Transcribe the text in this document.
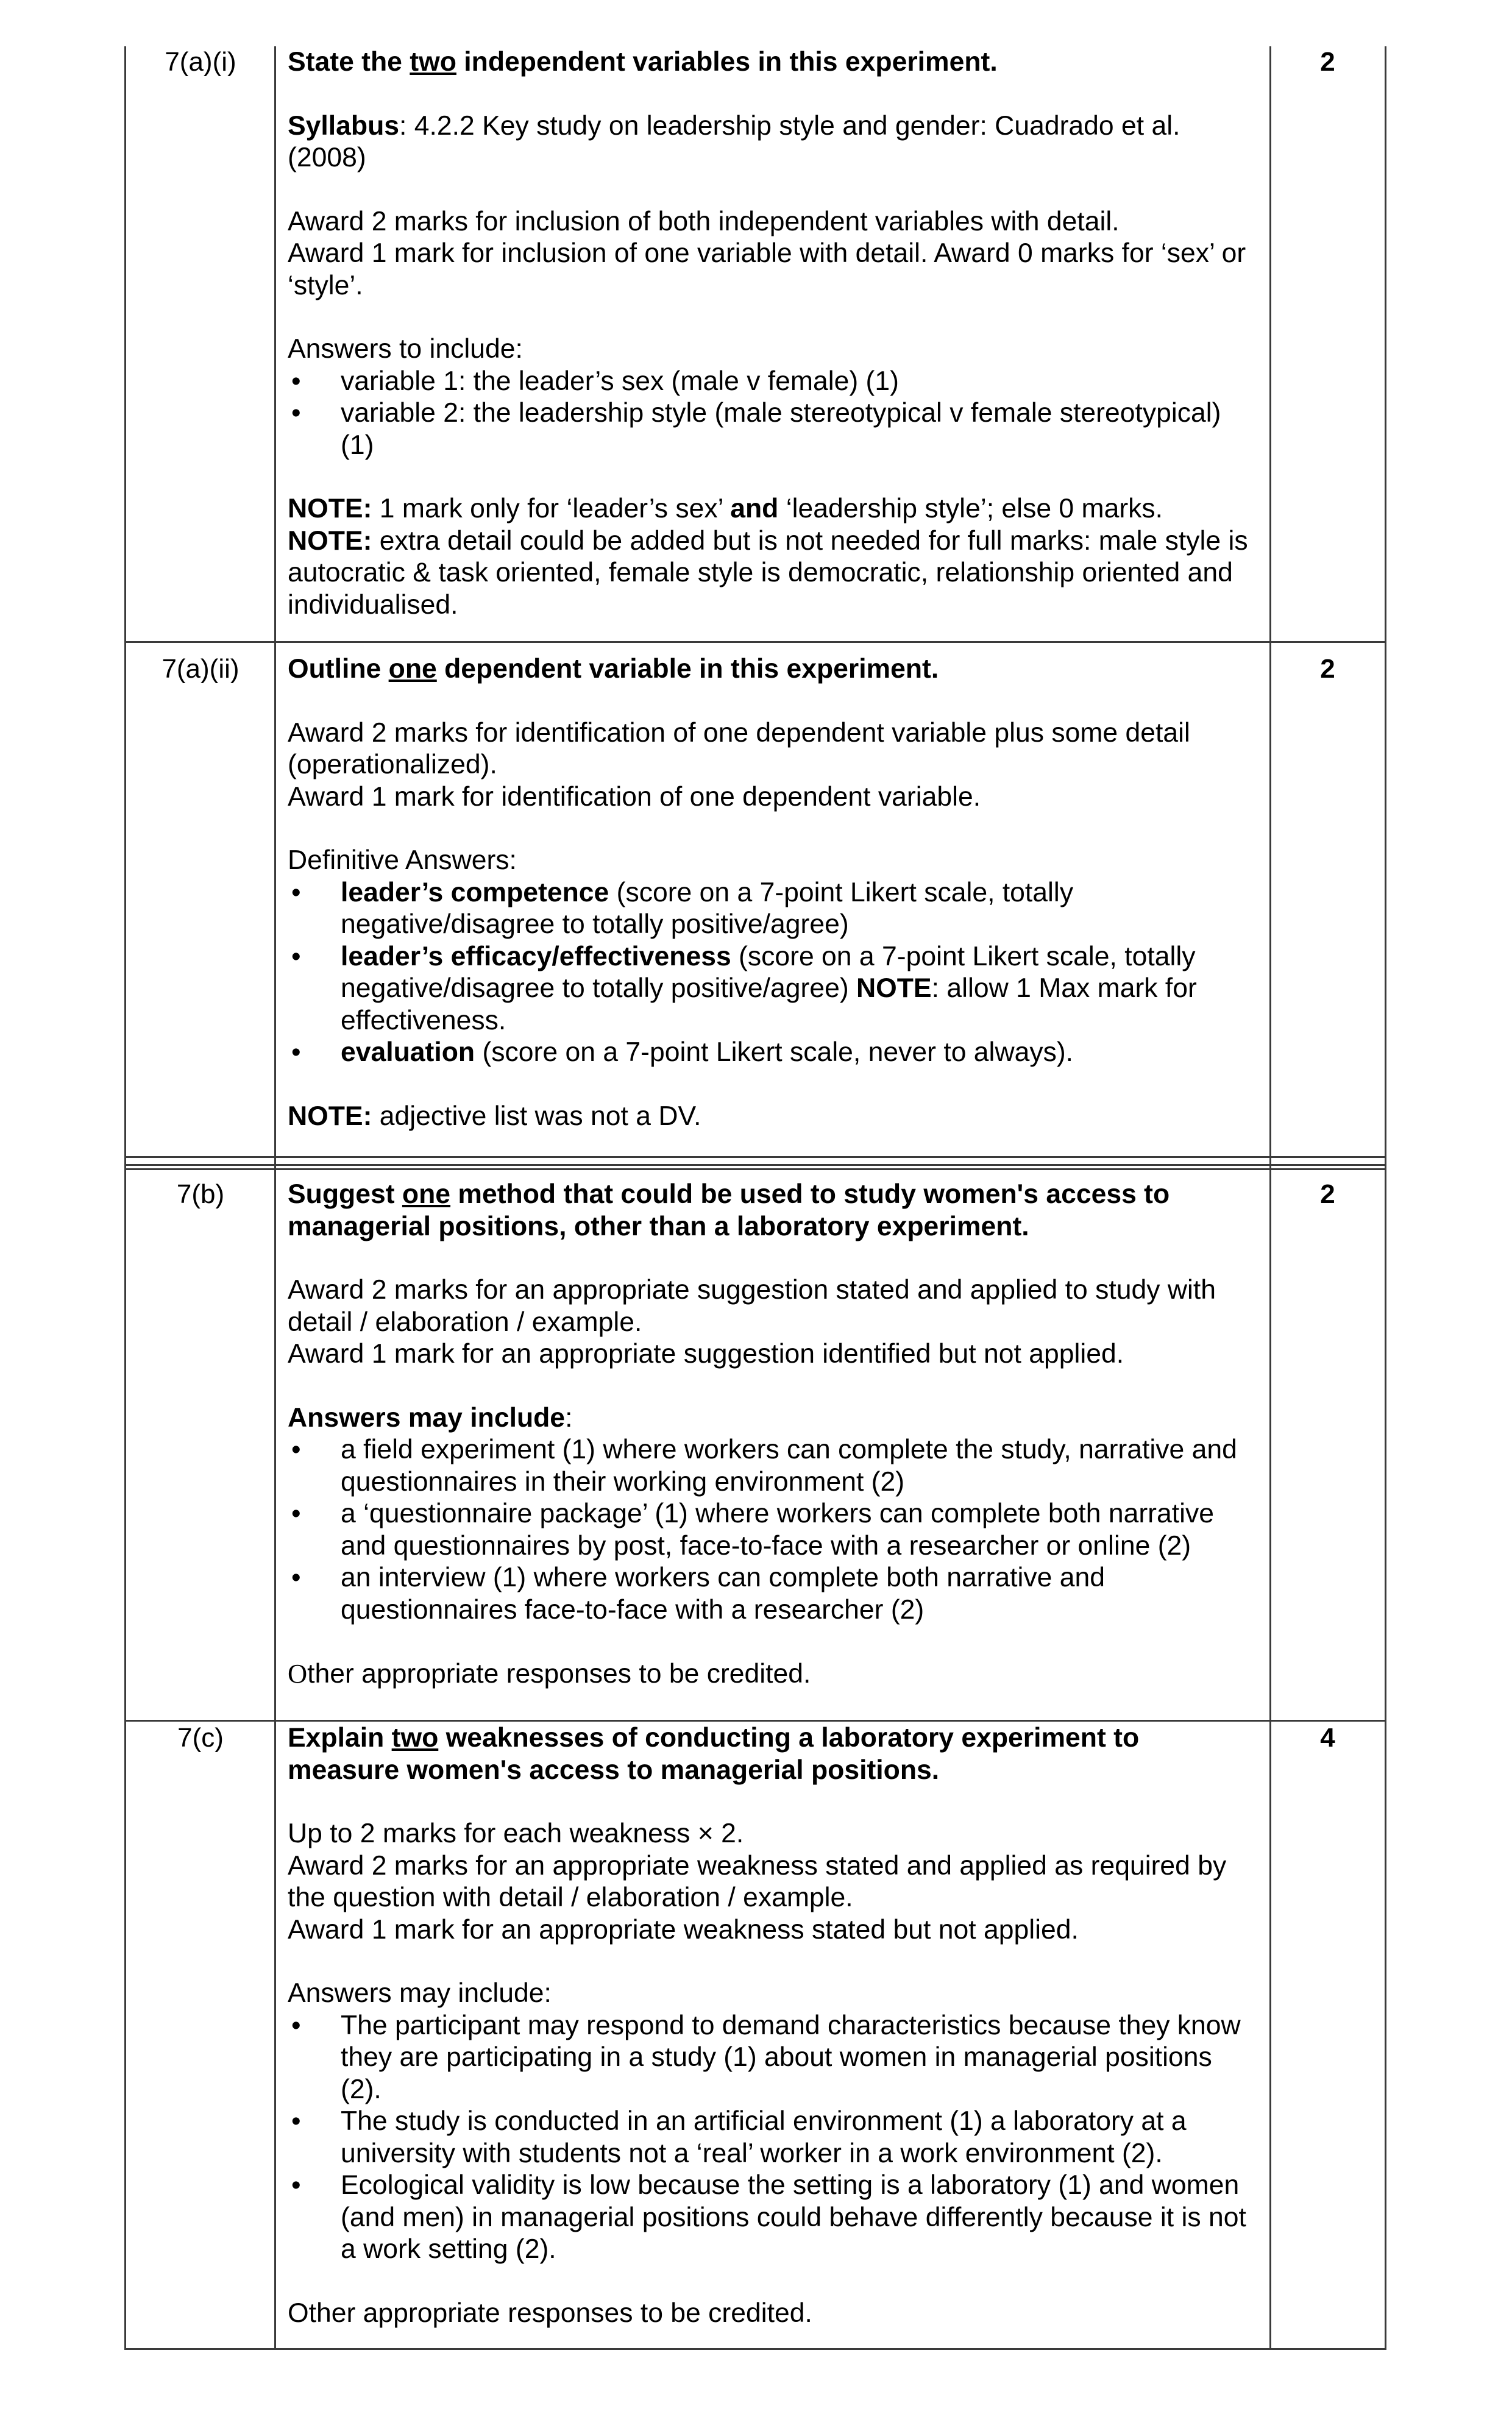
7(a)(i)	2

State the two independent variables in this experiment.

Syllabus: 4.2.2 Key study on leadership style and gender: Cuadrado et al. (2008)

Award 2 marks for inclusion of both independent variables with detail.

Award 1 mark for inclusion of one variable with detail. Award 0 marks for ‘sex’ or ‘style’.

Answers to include:

•	variable 1: the leader’s sex (male v female) (1)
•	variable 2: the leadership style (male stereotypical v female stereotypical) (1)

NOTE: 1 mark only for ‘leader’s sex’ and ‘leadership style’; else 0 marks.

NOTE: extra detail could be added but is not needed for full marks: male style is autocratic & task oriented, female style is democratic, relationship oriented and individualised.

7(a)(ii)	2

Outline one dependent variable in this experiment.

Award 2 marks for identification of one dependent variable plus some detail (operationalized).

Award 1 mark for identification of one dependent variable.

Definitive Answers:

•	leader’s competence (score on a 7-point Likert scale, totally negative/disagree to totally positive/agree)
•	leader’s efficacy/effectiveness (score on a 7-point Likert scale, totally negative/disagree to totally positive/agree) NOTE: allow 1 Max mark for effectiveness.
•	evaluation (score on a 7-point Likert scale, never to always).

NOTE: adjective list was not a DV.

7(b)	2

Suggest one method that could be used to study women's access to managerial positions, other than a laboratory experiment.

Award 2 marks for an appropriate suggestion stated and applied to study with detail / elaboration / example.

Award 1 mark for an appropriate suggestion identified but not applied.

Answers may include:

•	a field experiment (1) where workers can complete the study, narrative and questionnaires in their working environment (2)
•	a ‘questionnaire package’ (1) where workers can complete both narrative and questionnaires by post, face-to-face with a researcher or online (2)
•	an interview (1) where workers can complete both narrative and questionnaires face-to-face with a researcher (2)

Other appropriate responses to be credited.

7(c)	4

Explain two weaknesses of conducting a laboratory experiment to measure women's access to managerial positions.

Up to 2 marks for each weakness × 2.

Award 2 marks for an appropriate weakness stated and applied as required by the question with detail / elaboration / example.

Award 1 mark for an appropriate weakness stated but not applied.

Answers may include:

•	The participant may respond to demand characteristics because they know they are participating in a study (1) about women in managerial positions (2).
•	The study is conducted in an artificial environment (1) a laboratory at a university with students not a ‘real’ worker in a work environment (2).
•	Ecological validity is low because the setting is a laboratory (1) and women (and men) in managerial positions could behave differently because it is not a work setting (2).

Other appropriate responses to be credited.
